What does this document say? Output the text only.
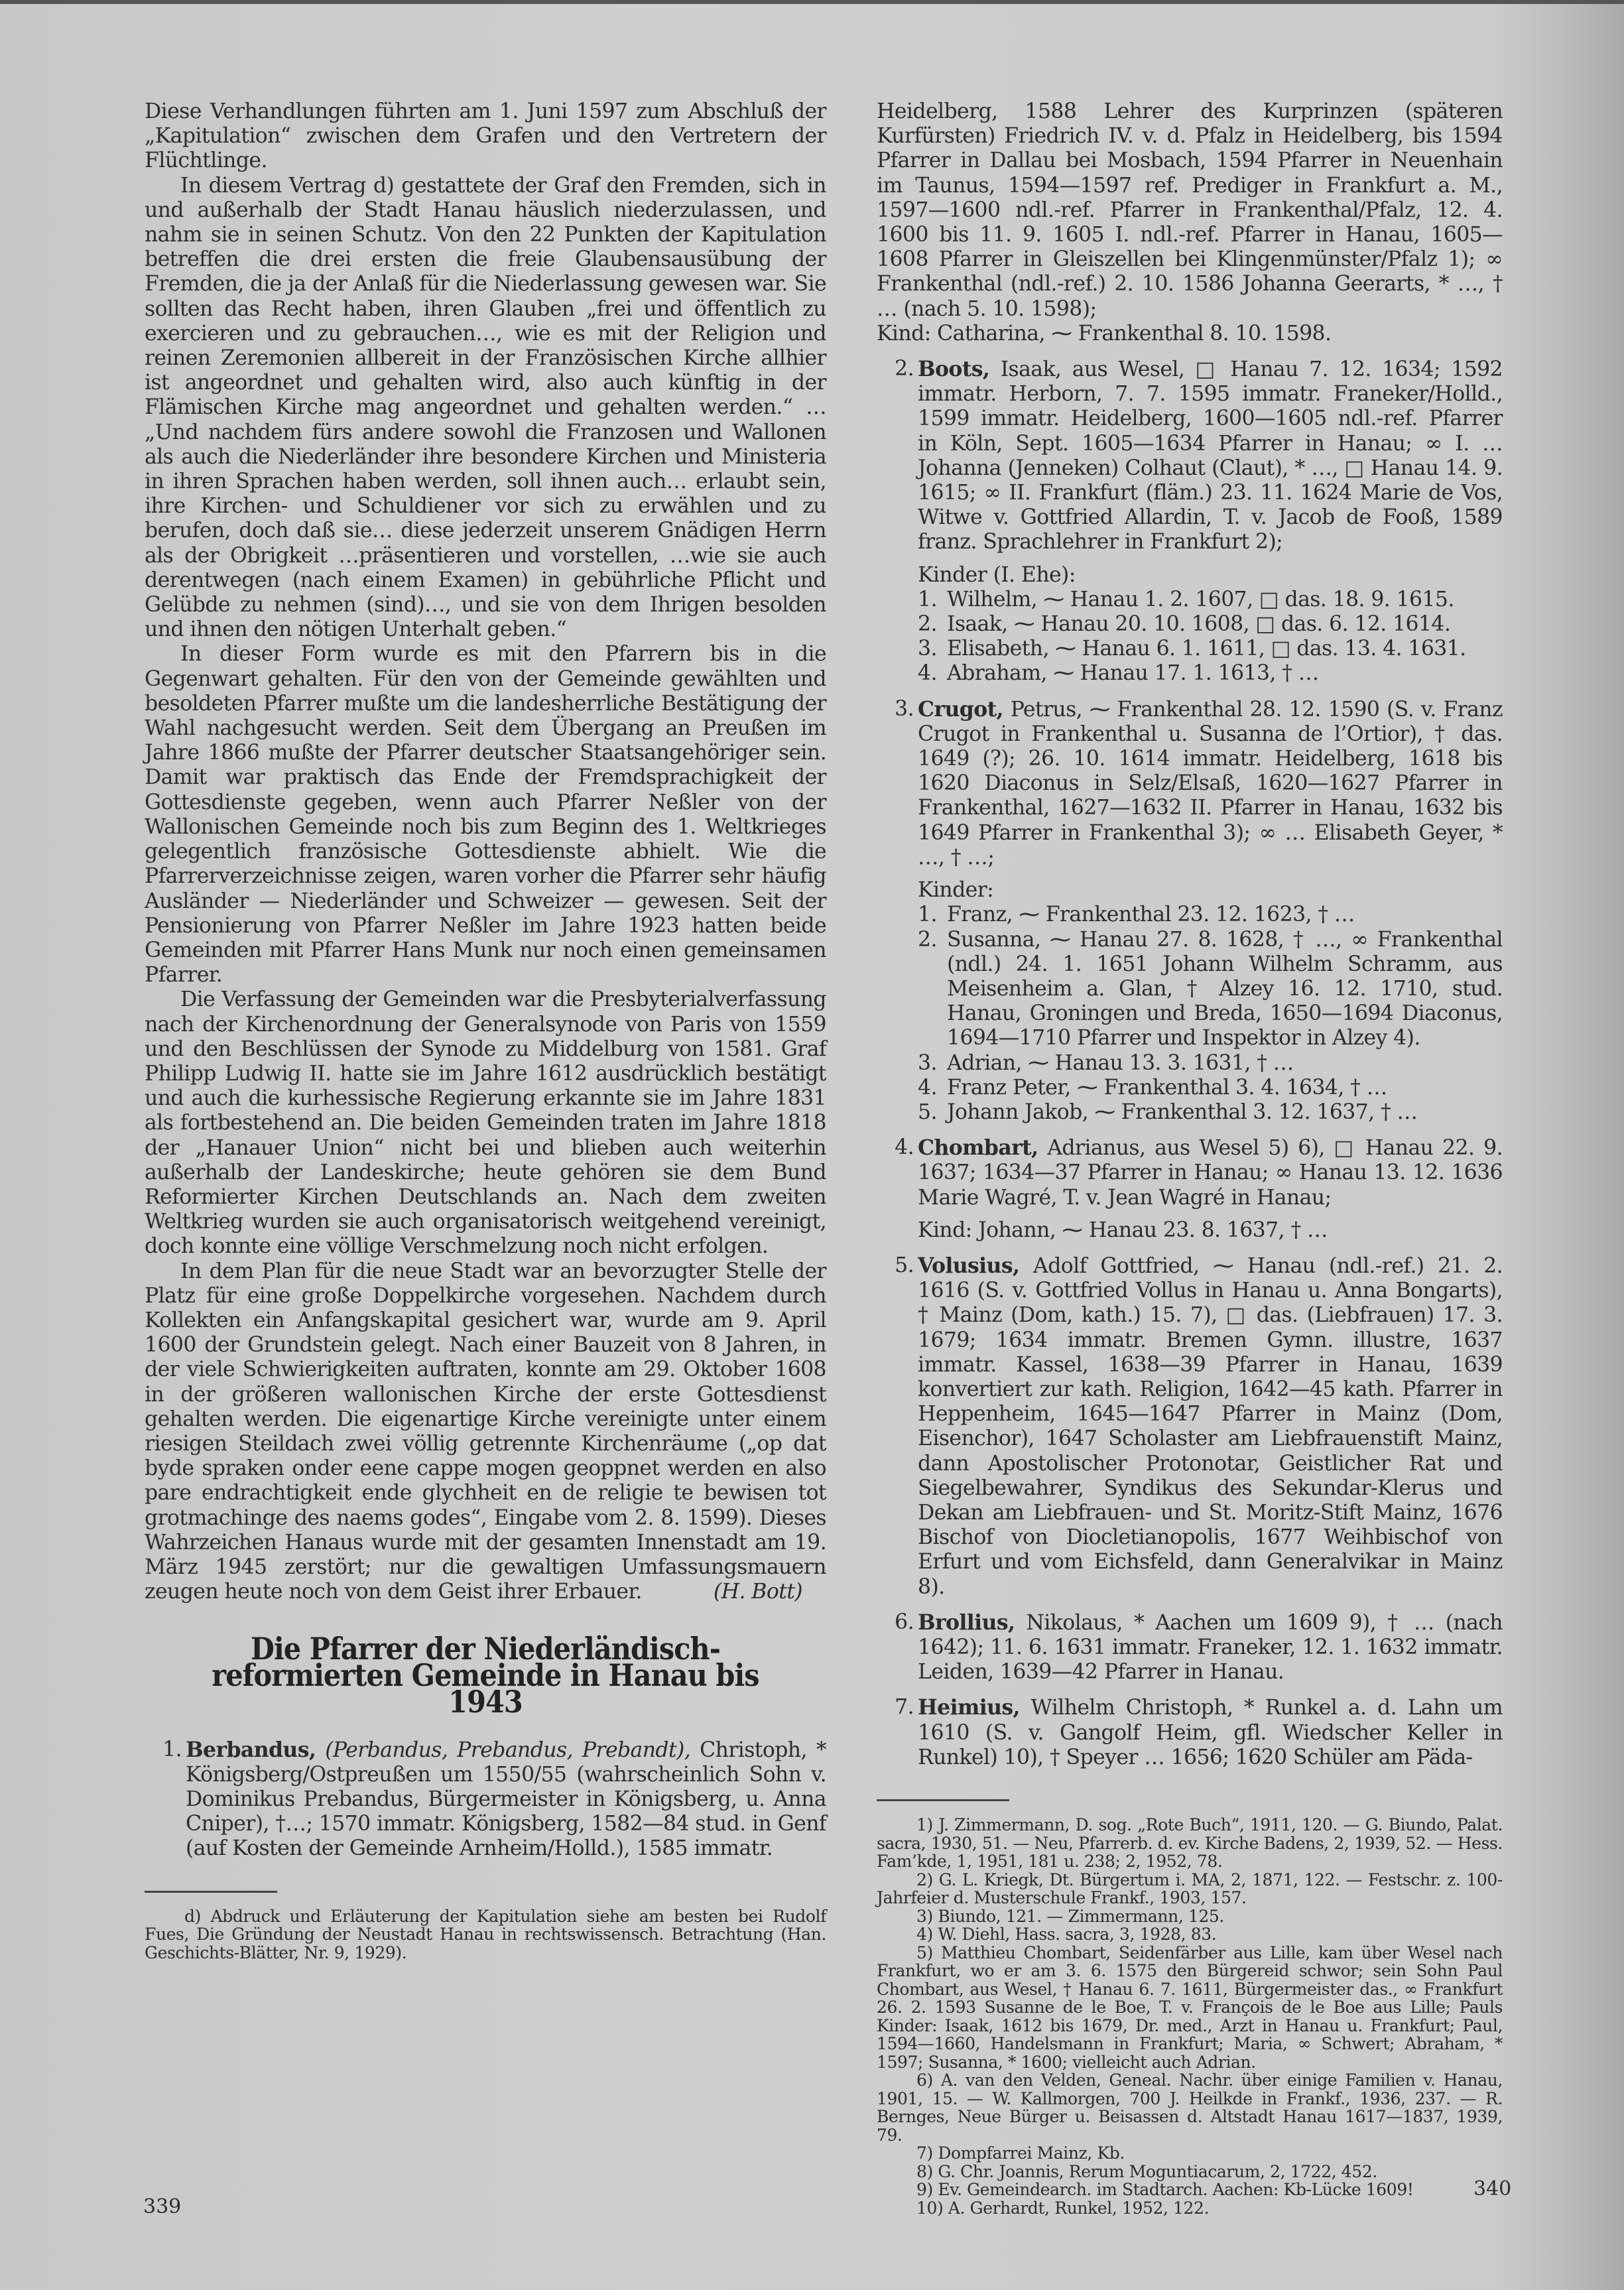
Diese Verhandlungen führten am 1. Juni 1597 zum Abschluß der „Kapitulation“ zwischen dem Grafen und den Vertretern der Flüchtlinge.

In diesem Vertrag d) gestattete der Graf den Fremden, sich in und außerhalb der Stadt Hanau häuslich niederzulassen, und nahm sie in seinen Schutz. Von den 22 Punkten der Kapitulation betreffen die drei ersten die freie Glaubensausübung der Fremden, die ja der Anlaß für die Niederlassung gewesen war. Sie sollten das Recht haben, ihren Glauben „frei und öffentlich zu exercieren und zu gebrauchen…, wie es mit der Religion und reinen Zeremonien allbereit in der Französischen Kirche allhier ist angeordnet und gehalten wird, also auch künftig in der Flämischen Kirche mag angeordnet und gehalten werden.“ … „Und nachdem fürs andere sowohl die Franzosen und Wallonen als auch die Niederländer ihre besondere Kirchen und Ministeria in ihren Sprachen haben werden, soll ihnen auch… erlaubt sein, ihre Kirchen- und Schuldiener vor sich zu erwählen und zu berufen, doch daß sie… diese jederzeit unserem Gnädigen Herrn als der Obrigkeit …präsentieren und vorstellen, …wie sie auch derentwegen (nach einem Examen) in gebührliche Pflicht und Gelübde zu nehmen (sind)…, und sie von dem Ihrigen besolden und ihnen den nötigen Unterhalt geben.“

In dieser Form wurde es mit den Pfarrern bis in die Gegenwart gehalten. Für den von der Gemeinde gewählten und besoldeten Pfarrer mußte um die landesherrliche Bestätigung der Wahl nachgesucht werden. Seit dem Übergang an Preußen im Jahre 1866 mußte der Pfarrer deutscher Staatsangehöriger sein. Damit war praktisch das Ende der Fremdsprachigkeit der Gottesdienste gegeben, wenn auch Pfarrer Neßler von der Wallonischen Gemeinde noch bis zum Beginn des 1. Weltkrieges gelegentlich französische Gottesdienste abhielt. Wie die Pfarrerverzeichnisse zeigen, waren vorher die Pfarrer sehr häufig Ausländer — Niederländer und Schweizer — gewesen. Seit der Pensionierung von Pfarrer Neßler im Jahre 1923 hatten beide Gemeinden mit Pfarrer Hans Munk nur noch einen gemeinsamen Pfarrer.

Die Verfassung der Gemeinden war die Presbyterialverfassung nach der Kirchenordnung der Generalsynode von Paris von 1559 und den Beschlüssen der Synode zu Middelburg von 1581. Graf Philipp Ludwig II. hatte sie im Jahre 1612 ausdrücklich bestätigt und auch die kurhessische Regierung erkannte sie im Jahre 1831 als fortbestehend an. Die beiden Gemeinden traten im Jahre 1818 der „Hanauer Union“ nicht bei und blieben auch weiterhin außerhalb der Landeskirche; heute gehören sie dem Bund Reformierter Kirchen Deutschlands an. Nach dem zweiten Weltkrieg wurden sie auch organisatorisch weitgehend vereinigt, doch konnte eine völlige Verschmelzung noch nicht erfolgen.

In dem Plan für die neue Stadt war an bevorzugter Stelle der Platz für eine große Doppelkirche vorgesehen. Nachdem durch Kollekten ein Anfangskapital gesichert war, wurde am 9. April 1600 der Grundstein gelegt. Nach einer Bauzeit von 8 Jahren, in der viele Schwierigkeiten auftraten, konnte am 29. Oktober 1608 in der größeren wallonischen Kirche der erste Gottesdienst gehalten werden. Die eigenartige Kirche vereinigte unter einem riesigen Steildach zwei völlig getrennte Kirchenräume („op dat byde spraken onder eene cappe mogen geoppnet werden en also pare endrachtigkeit ende glychheit en de religie te bewisen tot grotmachinge des naems godes“, Eingabe vom 2. 8. 1599). Dieses Wahrzeichen Hanaus wurde mit der gesamten Innenstadt am 19. März 1945 zerstört; nur die gewaltigen Umfassungsmauern zeugen heute noch von dem Geist ihrer Erbauer.	(H. Bott)

Die Pfarrer der Niederländisch-reformierten Gemeinde in Hanau bis 1943
1. Berbandus, (Perbandus, Prebandus, Prebandt), Christoph, * Königsberg/Ostpreußen um 1550/55 (wahrscheinlich Sohn v. Dominikus Prebandus, Bürgermeister in Königsberg, u. Anna Cniper), †…; 1570 immatr. Königsberg, 1582—84 stud. in Genf (auf Kosten der Gemeinde Arnheim/Holld.), 1585 immatr.

d) Abdruck und Erläuterung der Kapitulation siehe am besten bei Rudolf Fues, Die Gründung der Neustadt Hanau in rechtswissensch. Betrachtung (Han. Geschichts-Blätter, Nr. 9, 1929).

339

Heidelberg, 1588 Lehrer des Kurprinzen (späteren Kurfürsten) Friedrich IV. v. d. Pfalz in Heidelberg, bis 1594 Pfarrer in Dallau bei Mosbach, 1594 Pfarrer in Neuenhain im Taunus, 1594—1597 ref. Prediger in Frankfurt a. M., 1597—1600 ndl.-ref. Pfarrer in Frankenthal/Pfalz, 12. 4. 1600 bis 11. 9. 1605 I. ndl.-ref. Pfarrer in Hanau, 1605—1608 Pfarrer in Gleiszellen bei Klingenmünster/Pfalz 1); ∞ Frankenthal (ndl.-ref.) 2. 10. 1586 Johanna Geerarts, * …, † … (nach 5. 10. 1598);

Kind: Catharina, ⁓ Frankenthal 8. 10. 1598.

2. Boots, Isaak, aus Wesel, □ Hanau 7. 12. 1634; 1592 immatr. Herborn, 7. 7. 1595 immatr. Franeker/Holld., 1599 immatr. Heidelberg, 1600—1605 ndl.-ref. Pfarrer in Köln, Sept. 1605—1634 Pfarrer in Hanau; ∞ I. … Johanna (Jenneken) Colhaut (Claut), * …, □ Hanau 14. 9. 1615; ∞ II. Frankfurt (fläm.) 23. 11. 1624 Marie de Vos, Witwe v. Gottfried Allardin, T. v. Jacob de Fooß, 1589 franz. Sprachlehrer in Frankfurt 2);
Kinder (I. Ehe):
1. Wilhelm, ⁓ Hanau 1. 2. 1607, □ das. 18. 9. 1615.
2. Isaak, ⁓ Hanau 20. 10. 1608, □ das. 6. 12. 1614.
3. Elisabeth, ⁓ Hanau 6. 1. 1611, □ das. 13. 4. 1631.
4. Abraham, ⁓ Hanau 17. 1. 1613, † …
3. Crugot, Petrus, ⁓ Frankenthal 28. 12. 1590 (S. v. Franz Crugot in Frankenthal u. Susanna de l’Ortior), † das. 1649 (?); 26. 10. 1614 immatr. Heidelberg, 1618 bis 1620 Diaconus in Selz/Elsaß, 1620—1627 Pfarrer in Frankenthal, 1627—1632 II. Pfarrer in Hanau, 1632 bis 1649 Pfarrer in Frankenthal 3); ∞ … Elisabeth Geyer, * …, † …;
Kinder:
1. Franz, ⁓ Frankenthal 23. 12. 1623, † …
2. Susanna, ⁓ Hanau 27. 8. 1628, † …, ∞ Frankenthal (ndl.) 24. 1. 1651 Johann Wilhelm Schramm, aus Meisenheim a. Glan, † Alzey 16. 12. 1710, stud. Hanau, Groningen und Breda, 1650—1694 Diaconus, 1694—1710 Pfarrer und Inspektor in Alzey 4).
3. Adrian, ⁓ Hanau 13. 3. 1631, † …
4. Franz Peter, ⁓ Frankenthal 3. 4. 1634, † …
5. Johann Jakob, ⁓ Frankenthal 3. 12. 1637, † …
4. Chombart, Adrianus, aus Wesel 5) 6), □ Hanau 22. 9. 1637; 1634—37 Pfarrer in Hanau; ∞ Hanau 13. 12. 1636 Marie Wagré, T. v. Jean Wagré in Hanau;
Kind: Johann, ⁓ Hanau 23. 8. 1637, † …
5. Volusius, Adolf Gottfried, ⁓ Hanau (ndl.-ref.) 21. 2. 1616 (S. v. Gottfried Vollus in Hanau u. Anna Bongarts), † Mainz (Dom, kath.) 15. 7), □ das. (Liebfrauen) 17. 3. 1679; 1634 immatr. Bremen Gymn. illustre, 1637 immatr. Kassel, 1638—39 Pfarrer in Hanau, 1639 konvertiert zur kath. Religion, 1642—45 kath. Pfarrer in Heppenheim, 1645—1647 Pfarrer in Mainz (Dom, Eisenchor), 1647 Scholaster am Liebfrauenstift Mainz, dann Apostolischer Protonotar, Geistlicher Rat und Siegelbewahrer, Syndikus des Sekundar-Klerus und Dekan am Liebfrauen- und St. Moritz-Stift Mainz, 1676 Bischof von Diocletianopolis, 1677 Weihbischof von Erfurt und vom Eichsfeld, dann Generalvikar in Mainz 8).
6. Brollius, Nikolaus, * Aachen um 1609 9), † … (nach 1642); 11. 6. 1631 immatr. Franeker, 12. 1. 1632 immatr. Leiden, 1639—42 Pfarrer in Hanau.
7. Heimius, Wilhelm Christoph, * Runkel a. d. Lahn um 1610 (S. v. Gangolf Heim, gfl. Wiedscher Keller in Runkel) 10), † Speyer … 1656; 1620 Schüler am Päda-

1) J. Zimmermann, D. sog. „Rote Buch“, 1911, 120. — G. Biundo, Palat. sacra, 1930, 51. — Neu, Pfarrerb. d. ev. Kirche Badens, 2, 1939, 52. — Hess. Fam’kde, 1, 1951, 181 u. 238; 2, 1952, 78.

2) G. L. Kriegk, Dt. Bürgertum i. MA, 2, 1871, 122. — Festschr. z. 100-Jahrfeier d. Musterschule Frankf., 1903, 157.

3) Biundo, 121. — Zimmermann, 125.

4) W. Diehl, Hass. sacra, 3, 1928, 83.

5) Matthieu Chombart, Seidenfärber aus Lille, kam über Wesel nach Frankfurt, wo er am 3. 6. 1575 den Bürgereid schwor; sein Sohn Paul Chombart, aus Wesel, † Hanau 6. 7. 1611, Bürgermeister das., ∞ Frankfurt 26. 2. 1593 Susanne de le Boe, T. v. François de le Boe aus Lille; Pauls Kinder: Isaak, 1612 bis 1679, Dr. med., Arzt in Hanau u. Frankfurt; Paul, 1594—1660, Handelsmann in Frankfurt; Maria, ∞ Schwert; Abraham, * 1597; Susanna, * 1600; vielleicht auch Adrian.

6) A. van den Velden, Geneal. Nachr. über einige Familien v. Hanau, 1901, 15. — W. Kallmorgen, 700 J. Heilkde in Frankf., 1936, 237. — R. Bernges, Neue Bürger u. Beisassen d. Altstadt Hanau 1617—1837, 1939, 79.

7) Dompfarrei Mainz, Kb.

8) G. Chr. Joannis, Rerum Moguntiacarum, 2, 1722, 452.

9) Ev. Gemeindearch. im Stadtarch. Aachen: Kb-Lücke 1609!

10) A. Gerhardt, Runkel, 1952, 122.

340
